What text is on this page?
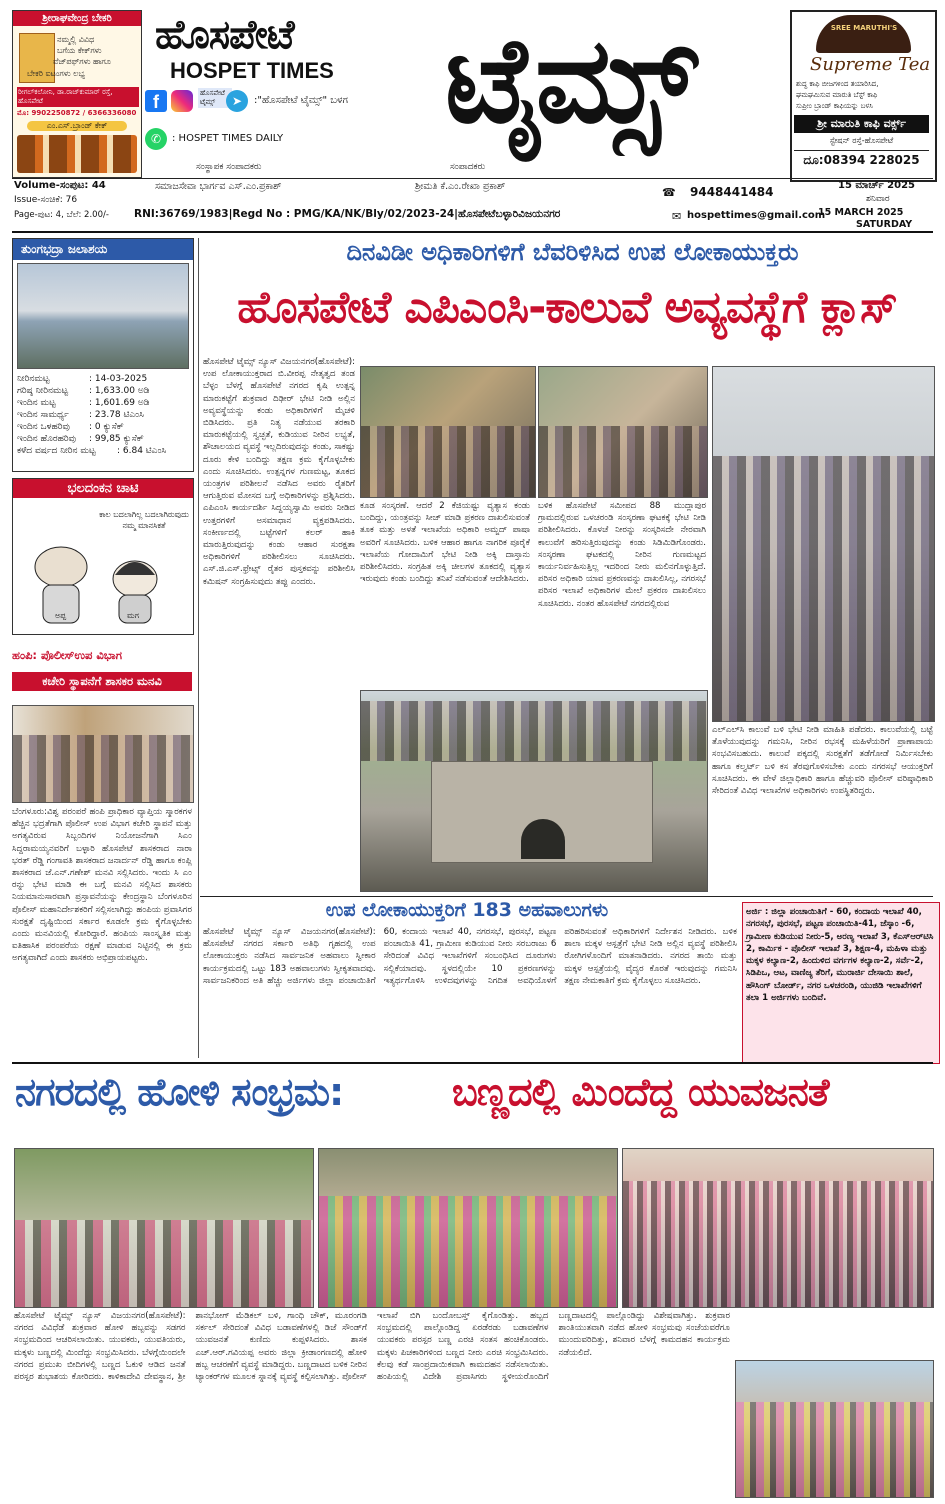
ಶ್ರೀರಾಘವೇಂದ್ರ ಬೇಕರಿ
ನಮ್ಮಲ್ಲಿ ವಿವಿಧ
ಬಗೆಯ ಕೇಕ್‌ಗಳು
ವೆಜ್‌ಪಫ್‌ಗಳು ಹಾಗೂ
ಬೇಕರಿ ಐಟಂಗಳು ಲಭ್ಯ
ರೀಗಲ್‌ಕಲೋನಿ, ಡಾ.ರಾಜ್‌ಕುಮಾರ್ ರಸ್ತೆ, ಹೊಸಪೇಟೆ
ಮೊ: 9902250872 / 6366336080
ಎಂ.ಎಸ್.ಬ್ರಾಂಡ್ ಕೇಕ್
ಹೊಸಪೇಟೆ
HOSPET TIMES ಟೈಮ್ಸ್
f	ಹೊಸಪೇಟೆ ಟೈಮ್ಸ್	➤	:"ಹೊಸಪೇಟೆ ಟೈಮ್ಸ್" ಬಳಗ
✆	: HOSPET TIMES DAILY
ಸಂಸ್ಥಾಪಕ ಸಂಪಾದಕರು	ಸಂಪಾದಕರು
SREE MARUTHI'S
Supreme Tea
ಶುದ್ಧ ಕಾಫಿ ಬೀಜಗಳಿಂದ ತಯಾರಿಸಿದ,
ಘಮಘಮಿಸುವ ಮಾರುತಿ ಬೆಸ್ಟ್ ಕಾಫಿ
ಸುಪ್ರೀಂ ಬ್ರಾಂಡ್ ಕಾಫಿಯನ್ನು ಬಳಸಿ
ಶ್ರೀ ಮಾರುತಿ ಕಾಫಿ ವರ್ಕ್ಸ್
ಸ್ಟೇಷನ್ ರಸ್ತೆ-ಹೊಸಪೇಟೆ
ದೂ:08394 228025
Volume-ಸಂಪುಟ: 44	ಸಮಾಜಸೇವಾ ಭಾರ್ಗವ ಎಸ್.ಎಂ.ಪ್ರಕಾಶ್	ಶ್ರೀಮತಿ ಕೆ.ಎಂ.ರೇಖಾ ಪ್ರಕಾಶ್	☎ 9448441484	15 ಮಾರ್ಚ್ 2025
Issue-ಸಂಚಿಕೆ: 76	ಶನಿವಾರ
Page-ಪುಟ: 4, ಬೆಲೆ: 2.00/- RNI:36769/1983|Regd No : PMG/KA/NK/Bly/02/2023-24|ಹೊಸಪೇಟೆಬಳ್ಳಾರಿವಿಜಯನಗರ	✉ hospettimes@gmail.com
15 MARCH 2025
SATURDAY
ತುಂಗಭದ್ರಾ ಜಲಾಶಯ
ನೀರಿನಮಟ್ಟ	: 14-03-2025
ಗರಿಷ್ಠ ನೀರಿನಮಟ್ಟ	: 1,633.00 ಅಡಿ
ಇಂದಿನ ಮಟ್ಟ	: 1,601.69 ಅಡಿ
ಇಂದಿನ ಸಾಮರ್ಥ್ಯ	: 23.78 ಟಿಎಂಸಿ
ಇಂದಿನ ಒಳಹರಿವು	: 0 ಕ್ಯುಸೆಕ್
ಇಂದಿನ ಹೊರಹರಿವು	: 99,85 ಕ್ಯುಸೆಕ್
ಕಳೆದ ವರ್ಷದ ನೀರಿನ ಮಟ್ಟ	: 6.84 ಟಿಎಂಸಿ
ಭಲದಂಕನ ಚಾಟಿ
ಕಾಲ ಬದಲಾಗಿಲ್ಲ ಬದಲಾಗಿರುವುದು ನಮ್ಮ ಮಾನಸಿಕತೆ
ಅಪ್ಪ	ಮಗ
ಹಂಪಿ: ಪೊಲೀಸ್‌ಉಪ ವಿಭಾಗ
ಕಚೇರಿ ಸ್ಥಾಪನೆಗೆ ಶಾಸಕರ ಮನವಿ
ಬೆಂಗಳೂರು:ವಿಶ್ವ ಪರಂಪರೆ ಹಂಪಿ ಪ್ರಾಧಿಕಾರ ವ್ಯಾಪ್ತಿಯ ಸ್ಮಾರಕಗಳ ಹೆಚ್ಚಿನ ಭದ್ರತೆಗಾಗಿ ಪೊಲೀಸ್ ಉಪ ವಿಭಾಗ ಕಚೇರಿ ಸ್ಥಾಪನೆ ಮತ್ತು ಅಗತ್ಯವಿರುವ ಸಿಬ್ಬಂದಿಗಳ ನಿಯೋಜನೆಗಾಗಿ ಸಿಎಂ ಸಿದ್ದರಾಮಯ್ಯನವರಿಗೆ ಬಳ್ಳಾರಿ ಹೊಸಪೇಟೆ ಶಾಸಕರಾದ ನಾರಾ ಭರತ್ ರೆಡ್ಡಿ ಗಂಗಾವತಿ ಶಾಸಕರಾದ ಜನಾರ್ದನ್ ರೆಡ್ಡಿ ಹಾಗೂ ಕಂಪ್ಲಿ ಶಾಸಕರಾದ ಜೆ.ಎನ್.ಗಣೇಶ್ ಮನವಿ ಸಲ್ಲಿಸಿದರು. ಇಂದು ಸಿ ಎಂ ರನ್ನು ಭೇಟಿ ಮಾಡಿ ಈ ಬಗ್ಗೆ ಮನವಿ ಸಲ್ಲಿಸಿದ ಶಾಸಕರು ನಿಯಮಾನುಸಾರವಾಗಿ ಪ್ರಸ್ತಾವನೆಯನ್ನು ಕೇಂದ್ರಸ್ಥಾನಿ ಬೆಂಗಳೂರಿನ ಪೊಲೀಸ್ ಮಹಾನಿರ್ದೇಶಕರಿಗೆ ಸಲ್ಲಿಸಲಾಗಿದ್ದು ಹಂಪಿಯ ಪ್ರವಾಸಿಗರ ಸುರಕ್ಷತೆ ದೃಷ್ಟಿಯಿಂದ ಸರ್ಕಾರ ಕೂಡಲೇ ಕ್ರಮ ಕೈಗೊಳ್ಳಬೇಕು ಎಂದು ಮನವಿಯಲ್ಲಿ ಕೋರಿದ್ದಾರೆ. ಹಂಪಿಯ ಸಾಂಸ್ಕೃತಿಕ ಮತ್ತು ಐತಿಹಾಸಿಕ ಪರಂಪರೆಯ ರಕ್ಷಣೆ ಮಾಡುವ ನಿಟ್ಟಿನಲ್ಲಿ ಈ ಕ್ರಮ ಅಗತ್ಯವಾಗಿದೆ ಎಂದು ಶಾಸಕರು ಅಭಿಪ್ರಾಯಪಟ್ಟರು.
ದಿನವಿಡೀ ಅಧಿಕಾರಿಗಳಿಗೆ ಬೆವರಿಳಿಸಿದ ಉಪ ಲೋಕಾಯುಕ್ತರು
ಹೊಸಪೇಟೆ ಎಪಿಎಂಸಿ-ಕಾಲುವೆ ಅವ್ಯವಸ್ಥೆಗೆ ಕ್ಲಾಸ್
ಹೊಸಪೇಟೆ ಟೈಮ್ಸ್ ನ್ಯೂಸ್ ವಿಜಯನಗರ(ಹೊಸಪೇಟೆ): ಉಪ ಲೋಕಾಯುಕ್ತರಾದ ಬಿ.ವೀರಪ್ಪ ನೇತೃತ್ವದ ತಂಡ ಬೆಳ್ಳಂ ಬೆಳಗ್ಗೆ ಹೊಸಪೇಟೆ ನಗರದ ಕೃಷಿ ಉತ್ಪನ್ನ ಮಾರುಕಟ್ಟೆಗೆ ಶುಕ್ರವಾರ ದಿಢೀರ್ ಭೇಟಿ ನೀಡಿ ಅಲ್ಲಿನ ಅವ್ಯವಸ್ಥೆಯನ್ನು ಕಂಡು ಅಧಿಕಾರಿಗಳಿಗೆ ಮೈಚಳಿ ಬಿಡಿಸಿದರು. ಪ್ರತಿ ನಿತ್ಯ ನಡೆಯುವ ತರಕಾರಿ ಮಾರುಕಟ್ಟೆಯಲ್ಲಿ ಸ್ವಚ್ಛತೆ, ಕುಡಿಯುವ ನೀರಿನ ಲಭ್ಯತೆ, ಶೌಚಾಲಯದ ವ್ಯವಸ್ಥೆ ಇಲ್ಲದಿರುವುದನ್ನು ಕಂಡು, ಸಾಕಷ್ಟು ದೂರು ಕೇಳಿ ಬಂದಿದ್ದು ತಕ್ಷಣ ಕ್ರಮ ಕೈಗೊಳ್ಳಬೇಕು ಎಂದು ಸೂಚಿಸಿದರು. ಉತ್ಪನ್ನಗಳ ಗುಣಮಟ್ಟ, ತೂಕದ ಯಂತ್ರಗಳ ಪರಿಶೀಲನೆ ನಡೆಸಿದ ಅವರು ರೈತರಿಗೆ ಆಗುತ್ತಿರುವ ಮೋಸದ ಬಗ್ಗೆ ಅಧಿಕಾರಿಗಳನ್ನು ಪ್ರಶ್ನಿಸಿದರು. ಎಪಿಎಂಸಿ ಕಾರ್ಯದರ್ಶಿ ಸಿದ್ದಯ್ಯಸ್ವಾಮಿ ಅವರು ನೀಡಿದ ಉತ್ತರಗಳಿಗೆ ಅಸಮಾಧಾನ ವ್ಯಕ್ತಪಡಿಸಿದರು. ಸಂಕೀರ್ಣದಲ್ಲಿ ಬಟ್ಟೆಗಳಿಗೆ ಕಲರ್ ಹಾಕಿ ಮಾರುತ್ತಿರುವುದನ್ನು ಕಂಡು ಆಹಾರ ಸುರಕ್ಷತಾ ಅಧಿಕಾರಿಗಳಿಗೆ ಪರಿಶೀಲಿಸಲು ಸೂಚಿಸಿದರು. ಎಸ್.ಜಿ.ಎಸ್.ಫ್ರೇಟ್ಸ್ ರೈತರ ಪುಸ್ತಕವನ್ನು ಪರಿಶೀಲಿಸಿ ಕಮಿಷನ್ ಸಂಗ್ರಹಿಸುವುದು ತಪ್ಪು ಎಂದರು.
ಕೂಡ ಸಂಸ್ಕರಣೆ. ಆದರೆ 2 ಕೆಜಿಯಷ್ಟು ವ್ಯತ್ಯಾಸ ಕಂಡು ಬಂದಿದ್ದು, ಯಂತ್ರವನ್ನು ಸೀಜ್ ಮಾಡಿ ಪ್ರಕರಣ ದಾಖಲಿಸುವಂತೆ ತೂಕ ಮತ್ತು ಅಳತೆ ಇಲಾಖೆಯ ಅಧಿಕಾರಿ ಅಮ್ಜದ್ ಪಾಷಾ ಅವರಿಗೆ ಸೂಚಿಸಿದರು. ಬಳಿಕ ಆಹಾರ ಹಾಗೂ ನಾಗರಿಕ ಪೂರೈಕೆ ಇಲಾಖೆಯ ಗೋದಾಮಿಗೆ ಭೇಟಿ ನೀಡಿ ಅಕ್ಕಿ ದಾಸ್ತಾನು ಪರಿಶೀಲಿಸಿದರು. ಸಂಗ್ರಹಿತ ಅಕ್ಕಿ ಚೀಲಗಳ ತೂಕದಲ್ಲಿ ವ್ಯತ್ಯಾಸ ಇರುವುದು ಕಂಡು ಬಂದಿದ್ದು ತನಿಖೆ ನಡೆಸುವಂತೆ ಆದೇಶಿಸಿದರು.
ಬಳಿಕ ಹೊಸಪೇಟೆ ಸಮೀಪದ 88 ಮುದ್ಲಾಪುರ ಗ್ರಾಮದಲ್ಲಿರುವ ಒಳಚರಂಡಿ ಸಂಸ್ಕರಣಾ ಘಟಕಕ್ಕೆ ಭೇಟಿ ನೀಡಿ ಪರಿಶೀಲಿಸಿದರು. ಕೊಳಚೆ ನೀರನ್ನು ಸಂಸ್ಕರಿಸದೇ ನೇರವಾಗಿ ಕಾಲುವೆಗೆ ಹರಿಸುತ್ತಿರುವುದನ್ನು ಕಂಡು ಸಿಡಿಮಿಡಿಗೊಂಡರು. ಸಂಸ್ಕರಣಾ ಘಟಕದಲ್ಲಿ ನೀರಿನ ಗುಣಮಟ್ಟದ ಕಾರ್ಯನಿರ್ವಹಿಸುತ್ತಿಲ್ಲ ಇದರಿಂದ ನೀರು ಮಲಿನಗೊಳ್ಳುತ್ತಿದೆ. ಪರಿಸರ ಅಧಿಕಾರಿ ಯಾವ ಪ್ರಕರಣವನ್ನು ದಾಖಲಿಸಿಲ್ಲ, ನಗರಸಭೆ ಪರಿಸರ ಇಲಾಖೆ ಅಧಿಕಾರಿಗಳ ಮೇಲೆ ಪ್ರಕರಣ ದಾಖಲಿಸಲು ಸೂಚಿಸಿದರು. ನಂತರ ಹೊಸಪೇಟೆ ನಗರದಲ್ಲಿರುವ
ಎಲ್‌ಎಲ್‌ಸಿ ಕಾಲುವೆ ಬಳಿ ಭೇಟಿ ನೀಡಿ ಮಾಹಿತಿ ಪಡೆದರು. ಕಾಲುವೆಯಲ್ಲಿ ಬಟ್ಟೆ ತೊಳೆಯುವುದನ್ನು ಗಮನಿಸಿ, ನೀರಿನ ರಭಸಕ್ಕೆ ಮಹಿಳೆಯರಿಗೆ ಪ್ರಾಣಾಪಾಯ ಸಂಭವಿಸಬಹುದು. ಕಾಲುವೆ ಪಕ್ಕದಲ್ಲಿ ಸುರಕ್ಷತೆಗೆ ತಡೆಗೋಡೆ ನಿರ್ಮಿಸಬೇಕು ಹಾಗೂ ಕಲ್ವರ್ಟ್ ಬಳಿ ಕಸ ತೆರವುಗೊಳಿಸಬೇಕು ಎಂದು ನಗರಸಭೆ ಆಯುಕ್ತರಿಗೆ ಸೂಚಿಸಿದರು. ಈ ವೇಳೆ ಜಿಲ್ಲಾಧಿಕಾರಿ ಹಾಗೂ ಹೆಚ್ಚುವರಿ ಪೊಲೀಸ್ ವರಿಷ್ಠಾಧಿಕಾರಿ ಸೇರಿದಂತೆ ವಿವಿಧ ಇಲಾಖೆಗಳ ಅಧಿಕಾರಿಗಳು ಉಪಸ್ಥಿತರಿದ್ದರು.
ಉಪ ಲೋಕಾಯುಕ್ತರಿಗೆ 183 ಅಹವಾಲುಗಳು
ಹೊಸಪೇಟೆ ಟೈಮ್ಸ್ ನ್ಯೂಸ್ ವಿಜಯನಗರ(ಹೊಸಪೇಟೆ): ಹೊಸಪೇಟೆ ನಗರದ ಸರ್ಕಾರಿ ಅತಿಥಿ ಗೃಹದಲ್ಲಿ ಉಪ ಲೋಕಾಯುಕ್ತರು ನಡೆಸಿದ ಸಾರ್ವಜನಿಕ ಅಹವಾಲು ಸ್ವೀಕಾರ ಕಾರ್ಯಕ್ರಮದಲ್ಲಿ ಒಟ್ಟು 183 ಅಹವಾಲುಗಳು ಸ್ವೀಕೃತವಾದವು. ಸಾರ್ವಜನಿಕರಿಂದ ಅತಿ ಹೆಚ್ಚು ಅರ್ಜಿಗಳು ಜಿಲ್ಲಾ ಪಂಚಾಯಿತಿಗೆ 60, ಕಂದಾಯ ಇಲಾಖೆ 40, ನಗರಸಭೆ, ಪುರಸಭೆ, ಪಟ್ಟಣ ಪಂಚಾಯಿತಿ 41, ಗ್ರಾಮೀಣ ಕುಡಿಯುವ ನೀರು ಸರಬರಾಜು 6 ಸೇರಿದಂತೆ ವಿವಿಧ ಇಲಾಖೆಗಳಿಗೆ ಸಂಬಂಧಿಸಿದ ದೂರುಗಳು ಸಲ್ಲಿಕೆಯಾದವು. ಸ್ಥಳದಲ್ಲಿಯೇ 10 ಪ್ರಕರಣಗಳನ್ನು ಇತ್ಯರ್ಥಗೊಳಿಸಿ ಉಳಿದವುಗಳನ್ನು ನಿಗದಿತ ಅವಧಿಯೊಳಗೆ ಪರಿಹರಿಸುವಂತೆ ಅಧಿಕಾರಿಗಳಿಗೆ ನಿರ್ದೇಶನ ನೀಡಿದರು. ಬಳಿಕ ಶಾಲಾ ಮಕ್ಕಳ ಆಸ್ಪತ್ರೆಗೆ ಭೇಟಿ ನೀಡಿ ಅಲ್ಲಿನ ವ್ಯವಸ್ಥೆ ಪರಿಶೀಲಿಸಿ ರೋಗಿಗಳೊಂದಿಗೆ ಮಾತನಾಡಿದರು. ನಗರದ ತಾಯಿ ಮತ್ತು ಮಕ್ಕಳ ಆಸ್ಪತ್ರೆಯಲ್ಲಿ ವೈದ್ಯರ ಕೊರತೆ ಇರುವುದನ್ನು ಗಮನಿಸಿ ತಕ್ಷಣ ನೇಮಕಾತಿಗೆ ಕ್ರಮ ಕೈಗೊಳ್ಳಲು ಸೂಚಿಸಿದರು.
ಅರ್ಜಿ : ಜಿಲ್ಲಾ ಪಂಚಾಯಿತಿಗೆ - 60, ಕಂದಾಯ ಇಲಾಖೆ 40, ನಗರಸಭೆ, ಪುರಸಭೆ, ಪಟ್ಟಣ ಪಂಚಾಯಿತಿ-41, ಜೆಸ್ಕಾಂ -6, ಗ್ರಾಮೀಣ ಕುಡಿಯುವ ನೀರು-5, ಅರಣ್ಯ ಇಲಾಖೆ 3, ಕೆಎಸ್‌ಆರ್‌ಟಿಸಿ 2, ಕಾರ್ಮಿಕ - ಪೊಲೀಸ್ ಇಲಾಖೆ 3, ಶಿಕ್ಷಣ-4, ಮಹಿಳಾ ಮತ್ತು ಮಕ್ಕಳ ಕಲ್ಯಾಣ-2, ಹಿಂದುಳಿದ ವರ್ಗಗಳ ಕಲ್ಯಾಣ-2, ಸರ್ವೆ-2, ಸಿಡಿಪಿಒ, ಆಟ, ವಾಣಿಜ್ಯ ತೆರಿಗೆ, ಮುರಾರ್ಜಿ ದೇಸಾಯಿ ಶಾಲೆ, ಹೌಸಿಂಗ್ ಬೋರ್ಡ್, ನಗರ ಒಳಚರಂಡಿ, ಯುಜಿಡಿ ಇಲಾಖೆಗಳಿಗೆ ತಲಾ 1 ಅರ್ಜಿಗಳು ಬಂದಿವೆ.
ನಗರದಲ್ಲಿ ಹೋಳಿ ಸಂಭ್ರಮ:	ಬಣ್ಣದಲ್ಲಿ ಮಿಂದೆದ್ದ ಯುವಜನತೆ
ಹೊಸಪೇಟೆ ಟೈಮ್ಸ್ ನ್ಯೂಸ್ ವಿಜಯನಗರ(ಹೊಸಪೇಟೆ): ನಗರದ ವಿವಿಧೆಡೆ ಶುಕ್ರವಾರ ಹೋಳಿ ಹಬ್ಬವನ್ನು ಸಡಗರ ಸಂಭ್ರಮದಿಂದ ಆಚರಿಸಲಾಯಿತು. ಯುವಕರು, ಯುವತಿಯರು, ಮಕ್ಕಳು ಬಣ್ಣದಲ್ಲಿ ಮಿಂದೆದ್ದು ಸಂಭ್ರಮಿಸಿದರು. ಬೆಳಗ್ಗೆಯಿಂದಲೇ ನಗರದ ಪ್ರಮುಖ ಬೀದಿಗಳಲ್ಲಿ ಬಣ್ಣದ ಓಕುಳಿ ಆಡಿದ ಜನತೆ ಪರಸ್ಪರ ಶುಭಾಶಯ ಕೋರಿದರು. ಕಾಳಿಕಾದೇವಿ ದೇವಸ್ಥಾನ, ಶ್ರೀ ಶಾನಭೋಗ್ ಮೆಡಿಕಲ್ ಬಳಿ, ಗಾಂಧಿ ಚೌಕ್, ಮೂರಂಗಡಿ ಸರ್ಕಲ್ ಸೇರಿದಂತೆ ವಿವಿಧ ಬಡಾವಣೆಗಳಲ್ಲಿ ಡಿಜೆ ಸೌಂಡ್‌ಗೆ ಯುವಜನತೆ ಕುಣಿದು ಕುಪ್ಪಳಿಸಿದರು. ಶಾಸಕ ಎಚ್.ಆರ್.ಗವಿಯಪ್ಪ ಅವರು ಜಿಲ್ಲಾ ಕ್ರೀಡಾಂಗಣದಲ್ಲಿ ಹೋಳಿ ಹಬ್ಬ ಆಚರಣೆಗೆ ವ್ಯವಸ್ಥೆ ಮಾಡಿದ್ದರು. ಬಣ್ಣದಾಟದ ಬಳಿಕ ನೀರಿನ ಟ್ಯಾಂಕರ್‌ಗಳ ಮೂಲಕ ಸ್ನಾನಕ್ಕೆ ವ್ಯವಸ್ಥೆ ಕಲ್ಪಿಸಲಾಗಿತ್ತು. ಪೊಲೀಸ್ ಇಲಾಖೆ ಬಿಗಿ ಬಂದೋಬಸ್ತ್ ಕೈಗೊಂಡಿತ್ತು. ಹಬ್ಬದ ಸಂಭ್ರಮದಲ್ಲಿ ಪಾಲ್ಗೊಂಡಿದ್ದ ಏರಡೆರಡು ಬಡಾವಣೆಗಳ ಯುವಕರು ಪರಸ್ಪರ ಬಣ್ಣ ಎರಚಿ ಸಂತಸ ಹಂಚಿಕೊಂಡರು. ಮಕ್ಕಳು ಪಿಚಕಾರಿಗಳಿಂದ ಬಣ್ಣದ ನೀರು ಎರಚಿ ಸಂಭ್ರಮಿಸಿದರು. ಕೆಲವು ಕಡೆ ಸಾಂಪ್ರದಾಯಿಕವಾಗಿ ಕಾಮದಹನ ನಡೆಸಲಾಯಿತು. ಹಂಪಿಯಲ್ಲಿ ವಿದೇಶಿ ಪ್ರವಾಸಿಗರು ಸ್ಥಳೀಯರೊಂದಿಗೆ ಬಣ್ಣದಾಟದಲ್ಲಿ ಪಾಲ್ಗೊಂಡಿದ್ದು ವಿಶೇಷವಾಗಿತ್ತು. ಶುಕ್ರವಾರ ಶಾಂತಿಯುತವಾಗಿ ನಡೆದ ಹೋಳಿ ಸಂಭ್ರಮವು ಸಂಜೆಯವರೆಗೂ ಮುಂದುವರಿದಿತ್ತು, ಶನಿವಾರ ಬೆಳಗ್ಗೆ ಕಾಮದಹನ ಕಾರ್ಯಕ್ರಮ ನಡೆಯಲಿದೆ.
